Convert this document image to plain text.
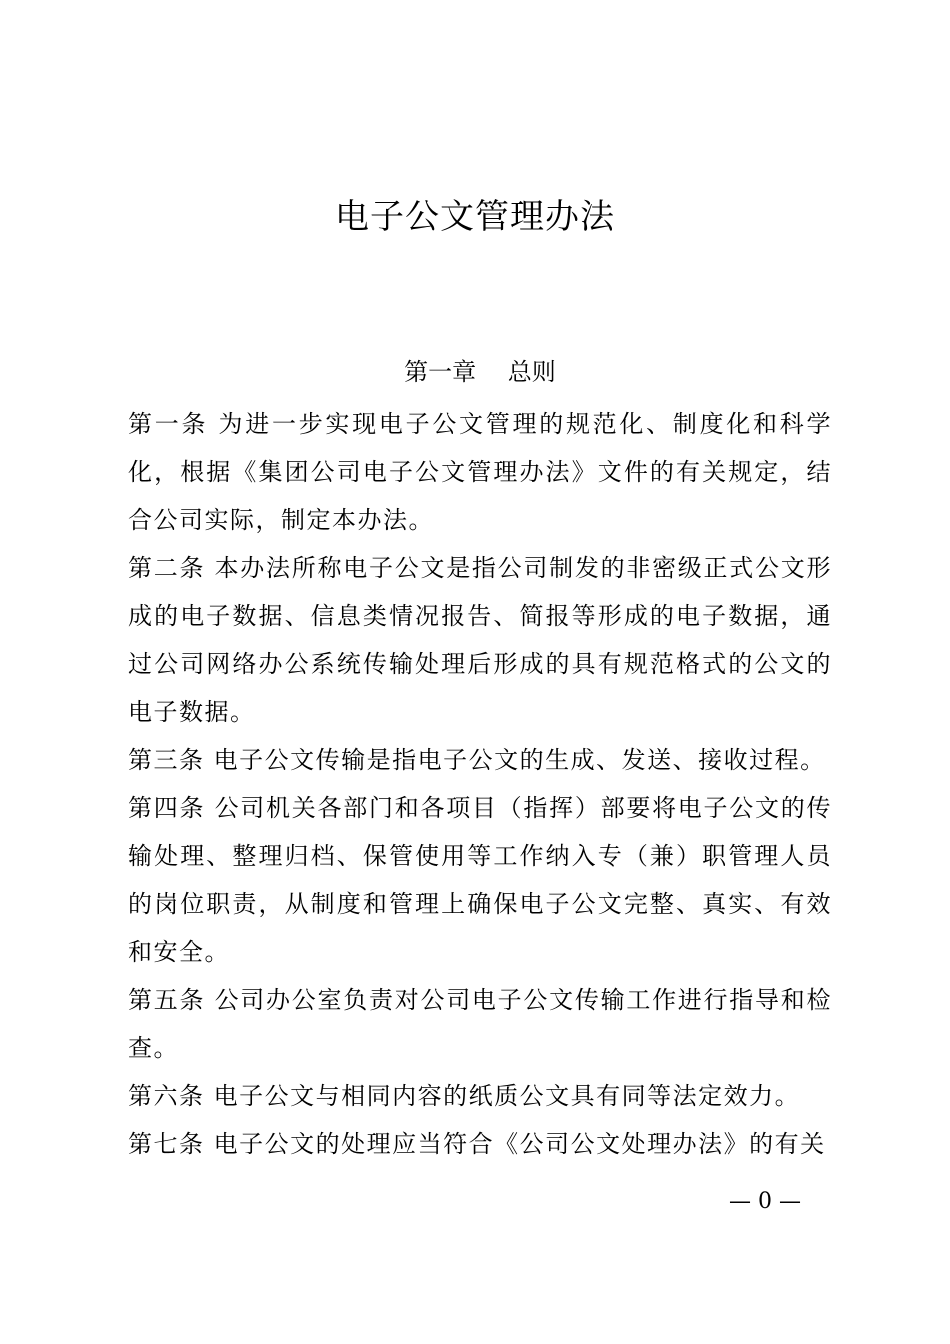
电子公文管理办法
第一章　 总则

第一条 为进一步实现电子公文管理的规范化、制度化和科学化，根据《集团公司电子公文管理办法》文件的有关规定，结合公司实际，制定本办法。

第二条 本办法所称电子公文是指公司制发的非密级正式公文形成的电子数据、信息类情况报告、简报等形成的电子数据，通过公司网络办公系统传输处理后形成的具有规范格式的公文的电子数据。

第三条 电子公文传输是指电子公文的生成、发送、接收过程。

第四条 公司机关各部门和各项目（指挥）部要将电子公文的传输处理、整理归档、保管使用等工作纳入专（兼）职管理人员的岗位职责，从制度和管理上确保电子公文完整、真实、有效和安全。

第五条 公司办公室负责对公司电子公文传输工作进行指导和检查。

第六条 电子公文与相同内容的纸质公文具有同等法定效力。

第七条 电子公文的处理应当符合《公司公文处理办法》的有关

— 0 —
